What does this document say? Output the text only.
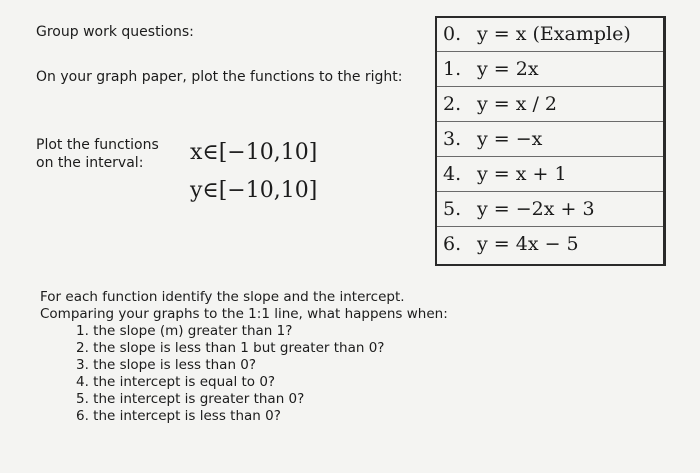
Group work questions:
On your graph paper, plot the functions to the right:
Plot the functions
on the interval:	x∈[−10,10]
y∈[−10,10]
0. y = x (Example)
1. y = 2x
2. y = x / 2
3. y = −x
4. y = x + 1
5. y = −2x + 3
6. y = 4x − 5
For each function identify the slope and the intercept.
Comparing your graphs to the 1:1 line, what happens when:
1. the slope (m) greater than 1?
2. the slope is less than 1 but greater than 0?
3. the slope is less than 0?
4. the intercept is equal to 0?
5. the intercept is greater than 0?
6. the intercept is less than 0?
